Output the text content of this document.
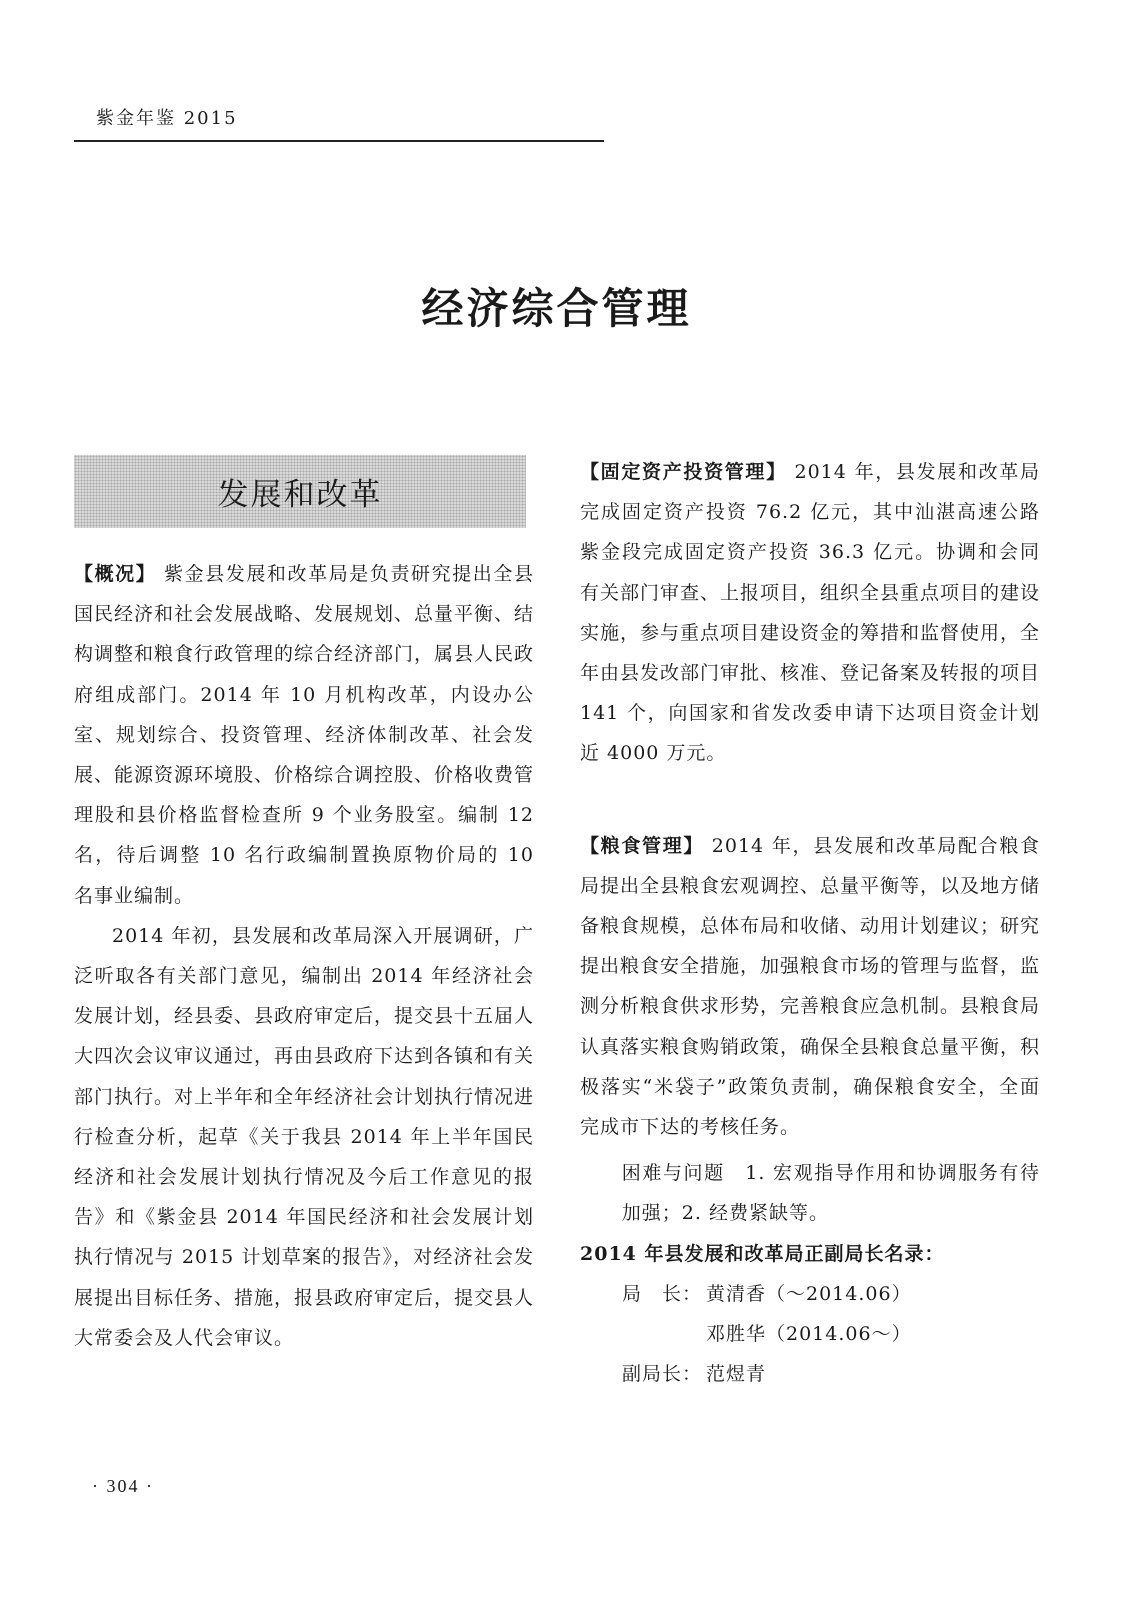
紫金年鉴 2015
经济综合管理
发展和改革

【概况】 紫金县发展和改革局是负责研究提出全县国民经济和社会发展战略、发展规划、总量平衡、结构调整和粮食行政管理的综合经济部门，属县人民政府组成部门。2014 年 10 月机构改革，内设办公室、规划综合、投资管理、经济体制改革、社会发展、能源资源环境股、价格综合调控股、价格收费管理股和县价格监督检查所 9 个业务股室。编制 12 名，待后调整 10 名行政编制置换原物价局的 10 名事业编制。

2014 年初，县发展和改革局深入开展调研，广泛听取各有关部门意见，编制出 2014 年经济社会发展计划，经县委、县政府审定后，提交县十五届人大四次会议审议通过，再由县政府下达到各镇和有关部门执行。对上半年和全年经济社会计划执行情况进行检查分析，起草《关于我县 2014 年上半年国民经济和社会发展计划执行情况及今后工作意见的报告》和《紫金县 2014 年国民经济和社会发展计划执行情况与 2015 计划草案的报告》，对经济社会发展提出目标任务、措施，报县政府审定后，提交县人大常委会及人代会审议。

【固定资产投资管理】 2014 年，县发展和改革局完成固定资产投资 76.2 亿元，其中汕湛高速公路紫金段完成固定资产投资 36.3 亿元。协调和会同有关部门审查、上报项目，组织全县重点项目的建设实施，参与重点项目建设资金的筹措和监督使用，全年由县发改部门审批、核准、登记备案及转报的项目 141 个，向国家和省发改委申请下达项目资金计划近 4000 万元。

【粮食管理】 2014 年，县发展和改革局配合粮食局提出全县粮食宏观调控、总量平衡等，以及地方储备粮食规模，总体布局和收储、动用计划建议；研究提出粮食安全措施，加强粮食市场的管理与监督，监测分析粮食供求形势，完善粮食应急机制。县粮食局认真落实粮食购销政策，确保全县粮食总量平衡，积极落实“米袋子”政策负责制，确保粮食安全，全面完成市下达的考核任务。

困难与问题　1. 宏观指导作用和协调服务有待加强；2. 经费紧缺等。

2014 年县发展和改革局正副局长名录：

局　长： 黄清香（～2014.06）
邓胜华（2014.06～）
副局长： 范煜青
· 304 ·
